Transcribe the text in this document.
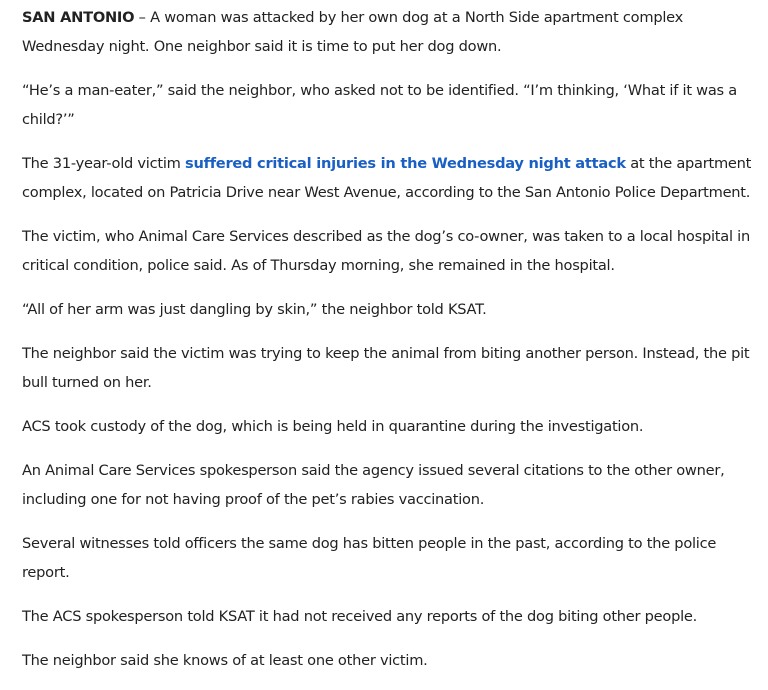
SAN ANTONIO – A woman was attacked by her own dog at a North Side apartment complex Wednesday night. One neighbor said it is time to put her dog down.

“He’s a man-eater,” said the neighbor, who asked not to be identified. “I’m thinking, ‘What if it was a child?’”

The 31-year-old victim suffered critical injuries in the Wednesday night attack at the apartment complex, located on Patricia Drive near West Avenue, according to the San Antonio Police Department.

The victim, who Animal Care Services described as the dog’s co-owner, was taken to a local hospital in critical condition, police said. As of Thursday morning, she remained in the hospital.

“All of her arm was just dangling by skin,” the neighbor told KSAT.

The neighbor said the victim was trying to keep the animal from biting another person. Instead, the pit bull turned on her.

ACS took custody of the dog, which is being held in quarantine during the investigation.

An Animal Care Services spokesperson said the agency issued several citations to the other owner, including one for not having proof of the pet’s rabies vaccination.

Several witnesses told officers the same dog has bitten people in the past, according to the police report.

The ACS spokesperson told KSAT it had not received any reports of the dog biting other people.

The neighbor said she knows of at least one other victim.
